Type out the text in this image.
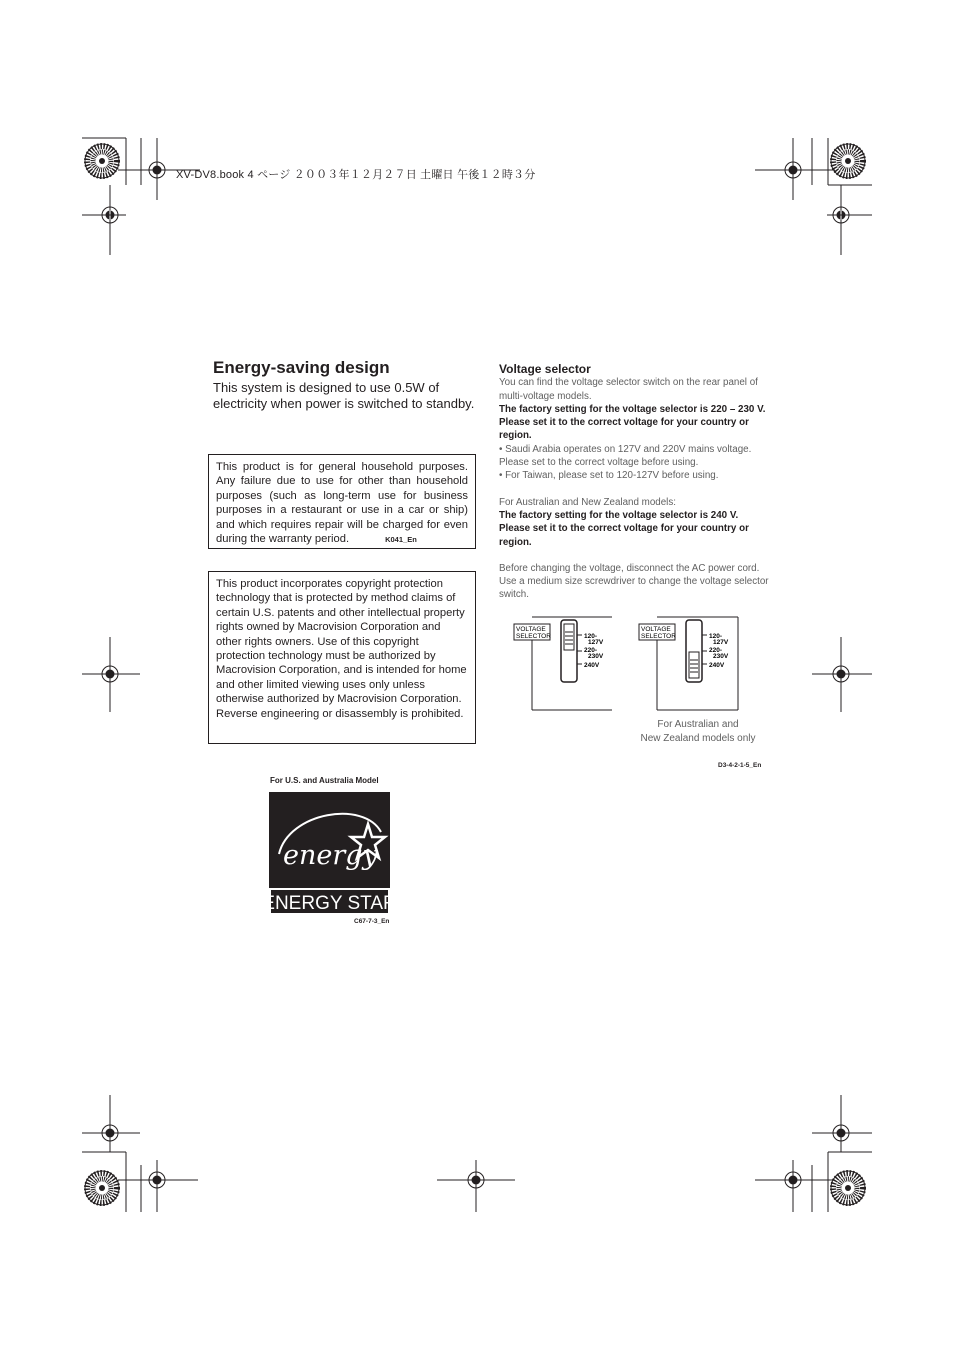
XV-DV8.book 4 ページ ２００３年１２月２７日 土曜日 午後１２時３分
Energy-saving design
This system is designed to use 0.5W of electricity when power is switched to standby.
This product is for general household purposes. Any failure due to use for other than household purposes (such as long-term use for business purposes in a restaurant or use in a car or ship) and which requires repair will be charged for even during the warranty period.	K041_En
This product incorporates copyright protection technology that is protected by method claims of certain U.S. patents and other intellectual property rights owned by Macrovision Corporation and other rights owners. Use of this copyright protection technology must be authorized by Macrovision Corporation, and is intended for home and other limited viewing uses only unless otherwise authorized by Macrovision Corporation. Reverse engineering or disassembly is prohibited.
For U.S. and Australia Model
energy
ENERGY STAR
C67-7-3_En
Voltage selector
You can find the voltage selector switch on the rear panel of multi-voltage models.
The factory setting for the voltage selector is 220 – 230 V. Please set it to the correct voltage for your country or region.
• Saudi Arabia operates on 127V and 220V mains voltage. Please set to the correct voltage before using.
• For Taiwan, please set to 120-127V before using.
For Australian and New Zealand models:
The factory setting for the voltage selector is 240 V. Please set it to the correct voltage for your country or region.
Before changing the voltage, disconnect the AC power cord. Use a medium size screwdriver to change the voltage selector switch.
VOLTAGE
SELECTOR	120-
127V
220-
230V
240V
VOLTAGE
SELECTOR	120-
127V
220-
230V
240V
For Australian and
New Zealand models only
D3-4-2-1-5_En
